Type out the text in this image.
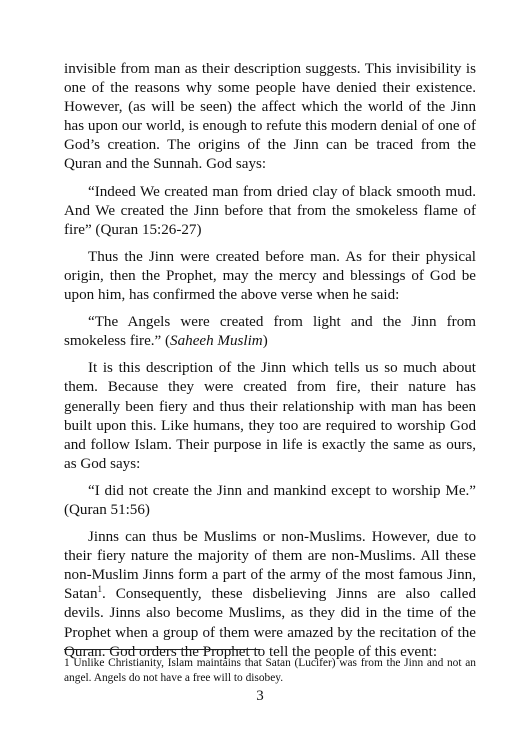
invisible from man as their description suggests. This invisibility is one of the reasons why some people have denied their existence. However, (as will be seen) the affect which the world of the Jinn has upon our world, is enough to refute this modern denial of one of God’s creation. The origins of the Jinn can be traced from the Quran and the Sunnah. God says:

“Indeed We created man from dried clay of black smooth mud. And We created the Jinn before that from the smokeless flame of fire” (Quran 15:26-27)

Thus the Jinn were created before man. As for their physical origin, then the Prophet, may the mercy and blessings of God be upon him, has confirmed the above verse when he said:

“The Angels were created from light and the Jinn from smokeless fire.” (Saheeh Muslim)

It is this description of the Jinn which tells us so much about them. Because they were created from fire, their nature has generally been fiery and thus their relationship with man has been built upon this. Like humans, they too are required to worship God and follow Islam. Their purpose in life is exactly the same as ours, as God says:

“I did not create the Jinn and mankind except to worship Me.” (Quran 51:56)

Jinns can thus be Muslims or non-Muslims. However, due to their fiery nature the majority of them are non-Muslims. All these non-Muslim Jinns form a part of the army of the most famous Jinn, Satan$^1$. Consequently, these disbelieving Jinns are also called devils. Jinns also become Muslims, as they did in the time of the Prophet when a group of them were amazed by the recitation of the Quran. God orders the Prophet to tell the people of this event:

1 Unlike Christianity, Islam maintains that Satan (Lucifer) was from the Jinn and not an angel. Angels do not have a free will to disobey.

3
